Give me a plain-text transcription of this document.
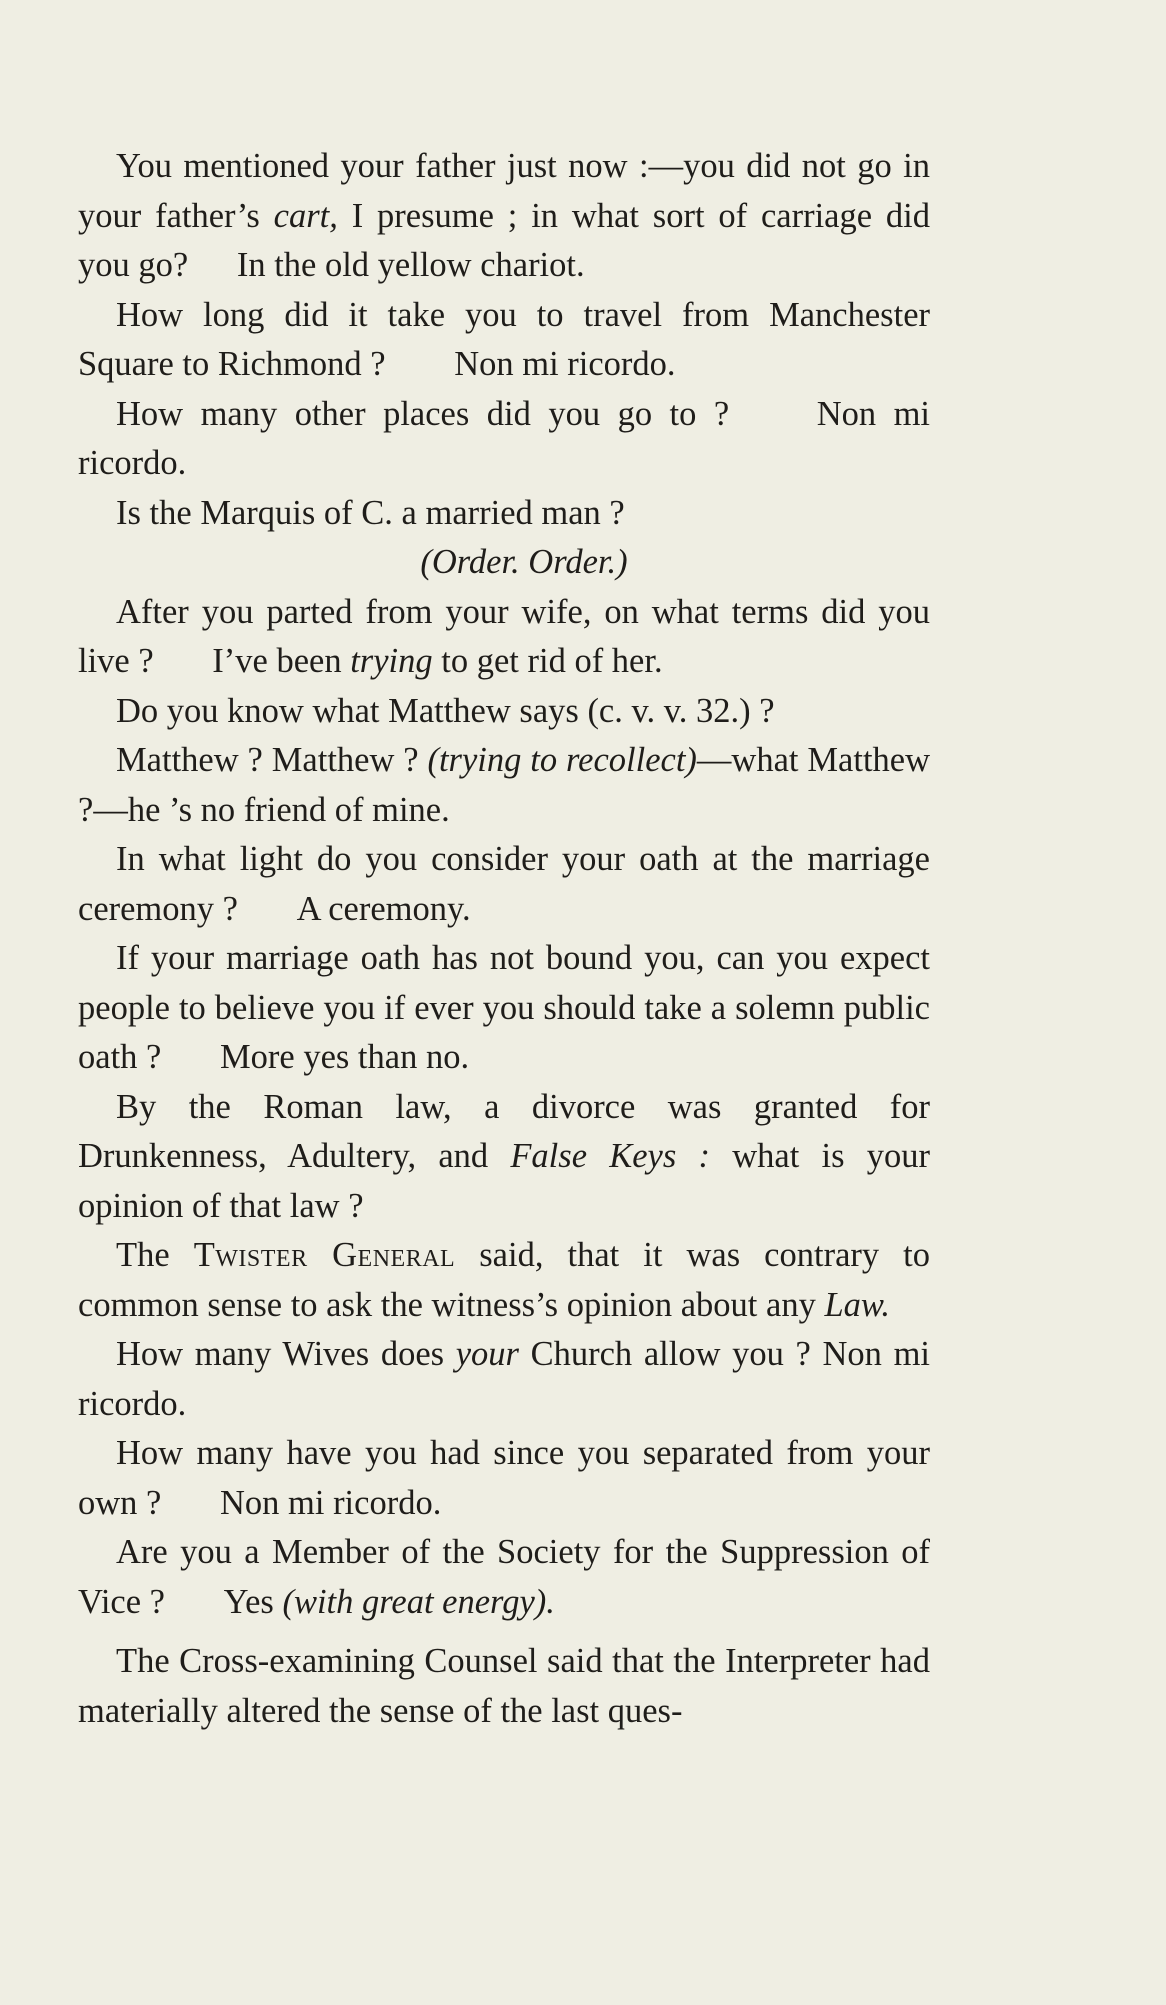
You mentioned your father just now :—you did not go in your father’s cart, I presume ; in what sort of carriage did you go? In the old yellow chariot.

How long did it take you to travel from Manchester Square to Richmond ? Non mi ricordo.

How many other places did you go to ?	Non mi ricordo.

Is the Marquis of C. a married man ?

(Order. Order.)

After you parted from your wife, on what terms did you live ? I’ve been trying to get rid of her.

Do you know what Matthew says (c. v. v. 32.) ?

Matthew ? Matthew ? (trying to recollect)—what Matthew ?—he ’s no friend of mine.

In what light do you consider your oath at the marriage ceremony ? A ceremony.

If your marriage oath has not bound you, can you expect people to believe you if ever you should take a solemn public oath ? More yes than no.

By the Roman law, a divorce was granted for Drunkenness, Adultery, and False Keys : what is your opinion of that law ?

The Twister General said, that it was contrary to common sense to ask the witness’s opinion about any Law.

How many Wives does your Church allow you ? Non mi ricordo.

How many have you had since you separated from your own ? Non mi ricordo.

Are you a Member of the Society for the Suppression of Vice ? Yes (with great energy).

The Cross-examining Counsel said that the Interpreter had materially altered the sense of the last ques-
